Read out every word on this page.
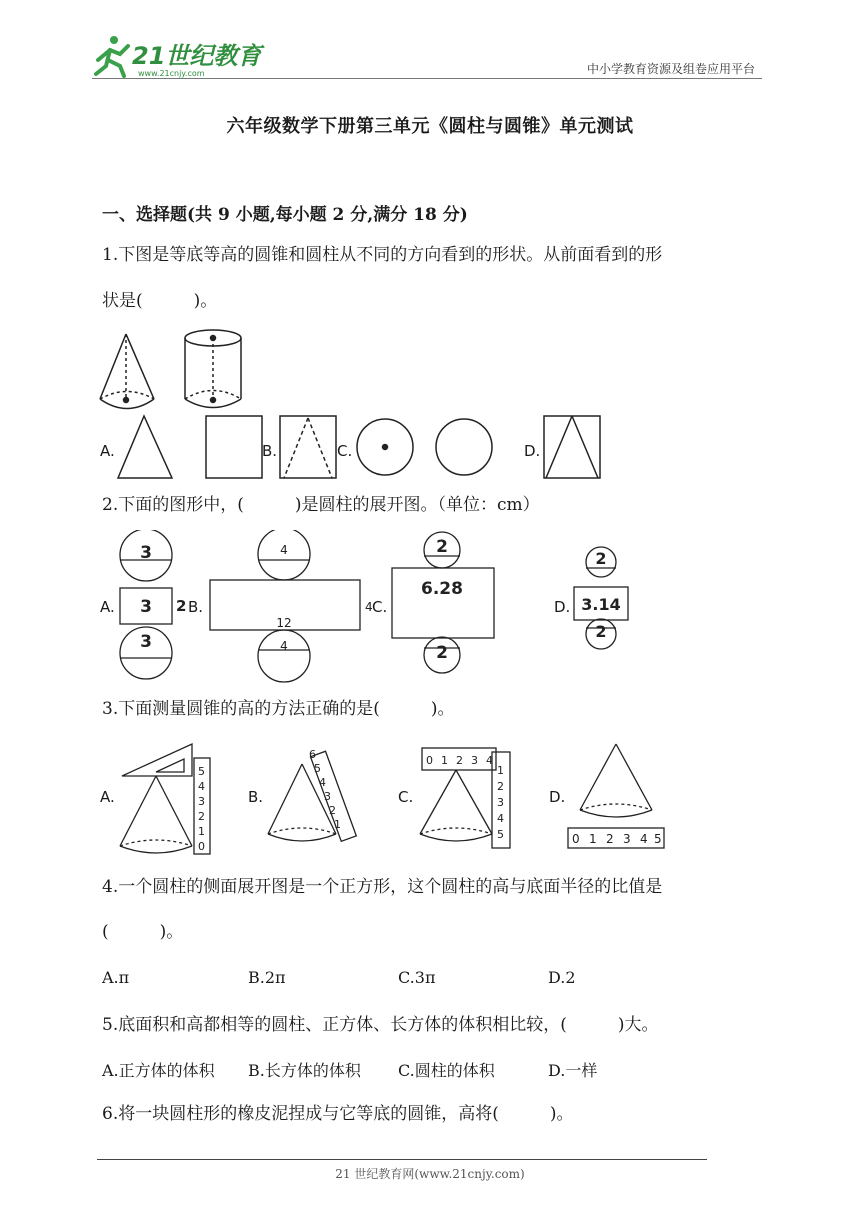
21世纪教育
www.21cnjy.com	中小学教育资源及组卷应用平台
六年级数学下册第三单元《圆柱与圆锥》单元测试
一、选择题(共 9 小题,每小题 2 分,满分 18 分)
1.下图是等底等高的圆锥和圆柱从不同的方向看到的形状。从前面看到的形
状是(　　　)。
A.	B.	C.	D.
2.下面的图形中，(　　　)是圆柱的展开图。（单位：cm）
3
3
3
2
4
12
4
4
2
6.28
2
2
3.14
2
A.	B.	C.	D.
3.下面测量圆锥的高的方法正确的是(　　　)。
0
1
2
3
4
5
1
2
3
4
5
6	0 1 2 3 4
1
2
3
4
5	0 1 2 3 4 5
A.	B.	C.	D.
4.一个圆柱的侧面展开图是一个正方形，这个圆柱的高与底面半径的比值是
(　　　)。
A.π	B.2π	C.3π	D.2
5.底面积和高都相等的圆柱、正方体、长方体的体积相比较，(　　　)大。
A.正方体的体积 B.长方体的体积 C.圆柱的体积	D.一样
6.将一块圆柱形的橡皮泥捏成与它等底的圆锥，高将(　　　)。
21 世纪教育网(www.21cnjy.com)
